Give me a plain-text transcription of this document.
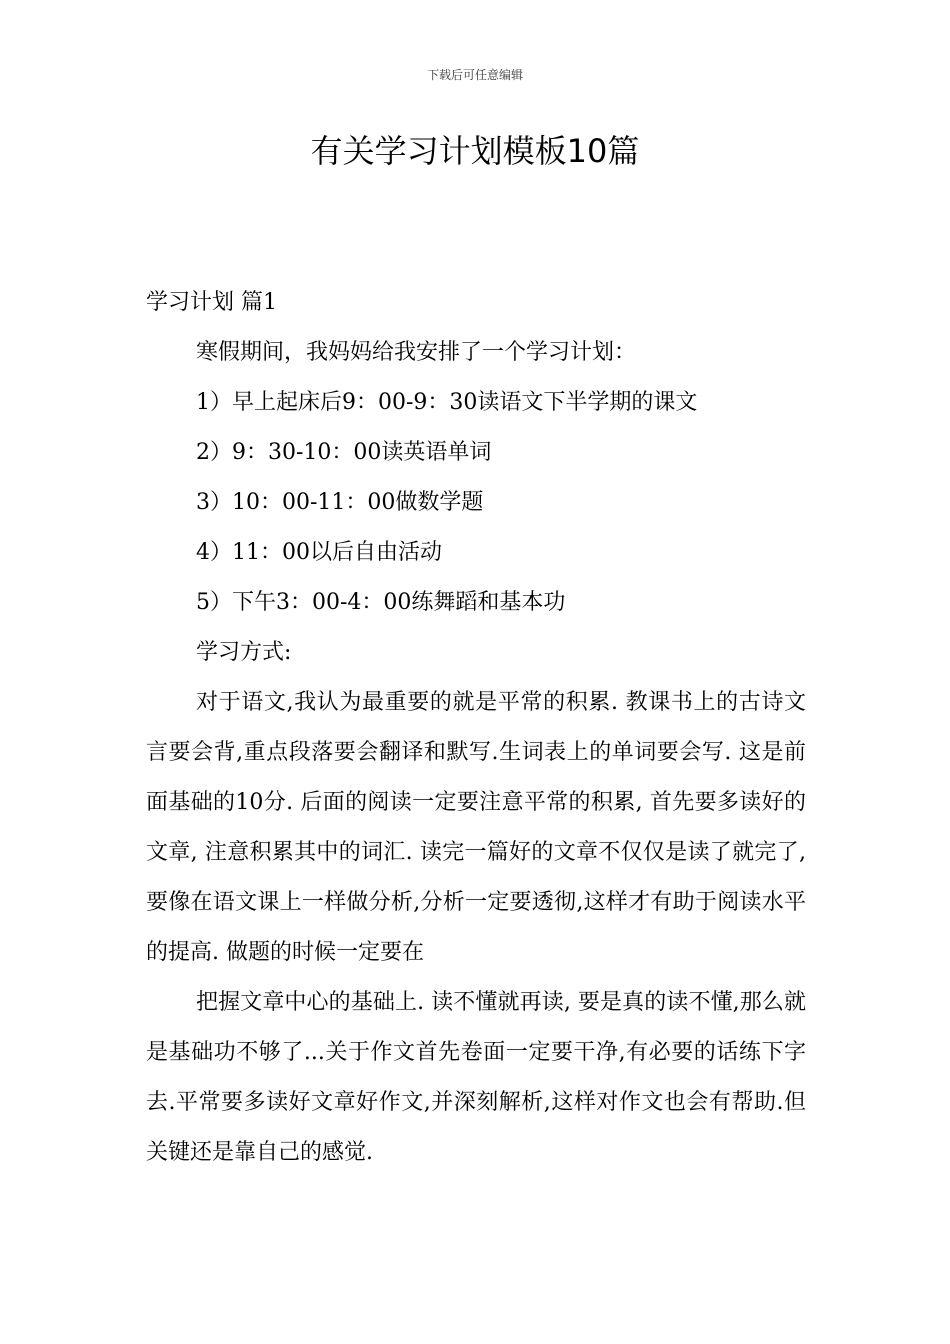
下载后可任意编辑
有关学习计划模板10篇

学习计划 篇1

寒假期间，我妈妈给我安排了一个学习计划：

1）早上起床后9：00-9：30读语文下半学期的课文

2）9：30-10：00读英语单词

3）10：00-11：00做数学题

4）11：00以后自由活动

5）下午3：00-4：00练舞蹈和基本功

学习方式:

对于语文,我认为最重要的就是平常的积累. 教课书上的古诗文言要会背,重点段落要会翻译和默写.生词表上的单词要会写. 这是前面基础的10分. 后面的阅读一定要注意平常的积累, 首先要多读好的文章, 注意积累其中的词汇. 读完一篇好的文章不仅仅是读了就完了,要像在语文课上一样做分析,分析一定要透彻,这样才有助于阅读水平的提高. 做题的时候一定要在

把握文章中心的基础上. 读不懂就再读, 要是真的读不懂,那么就是基础功不够了...关于作文首先卷面一定要干净,有必要的话练下字去.平常要多读好文章好作文,并深刻解析,这样对作文也会有帮助.但关键还是靠自己的感觉.
